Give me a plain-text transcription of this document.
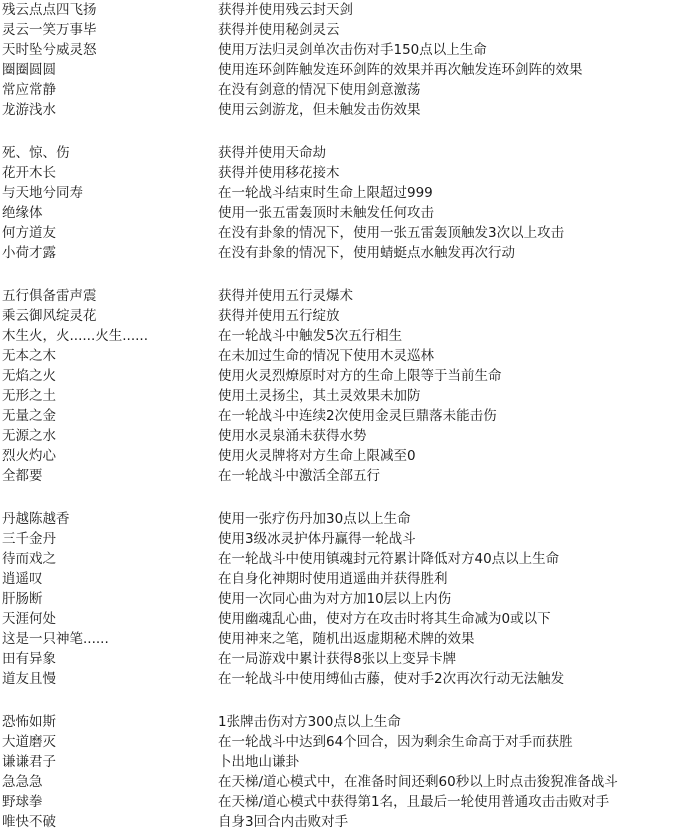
残云点点四飞扬	获得并使用残云封天剑
灵云一笑万事毕	获得并使用秘剑灵云
天时坠兮威灵怒	使用万法归灵剑单次击伤对手150点以上生命
圈圈圆圆	使用连环剑阵触发连环剑阵的效果并再次触发连环剑阵的效果
常应常静	在没有剑意的情况下使用剑意激荡
龙游浅水	使用云剑游龙，但未触发击伤效果
死、惊、伤	获得并使用天命劫
花开木长	获得并使用移花接木
与天地兮同寿	在一轮战斗结束时生命上限超过999
绝缘体	使用一张五雷轰顶时未触发任何攻击
何方道友	在没有卦象的情况下，使用一张五雷轰顶触发3次以上攻击
小荷才露	在没有卦象的情况下，使用蜻蜓点水触发再次行动
五行俱备雷声震	获得并使用五行灵爆术
乘云御风绽灵花	获得并使用五行绽放
木生火，火......火生......	在一轮战斗中触发5次五行相生
无本之木	在未加过生命的情况下使用木灵巡林
无焰之火	使用火灵烈燎原时对方的生命上限等于当前生命
无形之土	使用土灵扬尘，其土灵效果未加防
无量之金	在一轮战斗中连续2次使用金灵巨鼎落未能击伤
无源之水	使用水灵泉涌未获得水势
烈火灼心	使用火灵牌将对方生命上限减至0
全都要	在一轮战斗中激活全部五行
丹越陈越香	使用一张疗伤丹加30点以上生命
三千金丹	使用3级冰灵护体丹赢得一轮战斗
待而戏之	在一轮战斗中使用镇魂封元符累计降低对方40点以上生命
逍遥叹	在自身化神期时使用逍遥曲并获得胜利
肝肠断	使用一次同心曲为对方加10层以上内伤
天涯何处	使用幽魂乱心曲，使对方在攻击时将其生命减为0或以下
这是一只神笔......	使用神来之笔，随机出返虚期秘术牌的效果
田有异象	在一局游戏中累计获得8张以上变异卡牌
道友且慢	在一轮战斗中使用缚仙古藤，使对手2次再次行动无法触发
恐怖如斯	1张牌击伤对方300点以上生命
大道磨灭	在一轮战斗中达到64个回合，因为剩余生命高于对手而获胜
谦谦君子	卜出地山谦卦
急急急	在天梯/道心模式中，在准备时间还剩60秒以上时点击狻猊准备战斗
野球拳	在天梯/道心模式中获得第1名，且最后一轮使用普通攻击击败对手
唯快不破	自身3回合内击败对手
